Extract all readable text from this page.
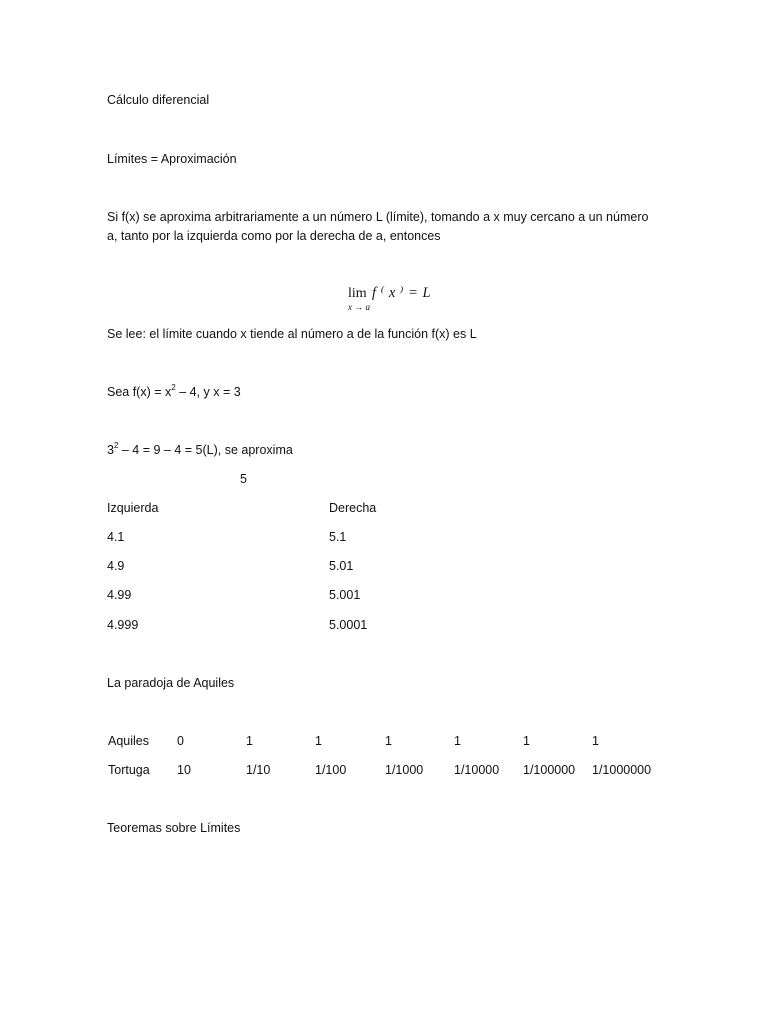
Cálculo diferencial
Límites = Aproximación
Si f(x) se aproxima arbitrariamente a un número L (límite), tomando a x muy cercano a un número
a, tanto por la izquierda como por la derecha de a, entonces
lim
x → a
f ⁽ x ⁾ = L
Se lee: el límite cuando x tiende al número a de la función f(x) es L
Sea $f(x) = x^2 - 4$, y x = 3
$3^2 - 4 = 9 - 4 = 5(L)$, se aproxima
5
Izquierda	Derecha
4.1	5.1
4.9	5.01
4.99	5.001
4.999	5.0001
La paradoja de Aquiles
Aquiles 0	1	1	1	1	1	1
Tortuga 10	1/10	1/100	1/1000 1/10000 1/100000 1/1000000
Teoremas sobre Límites
